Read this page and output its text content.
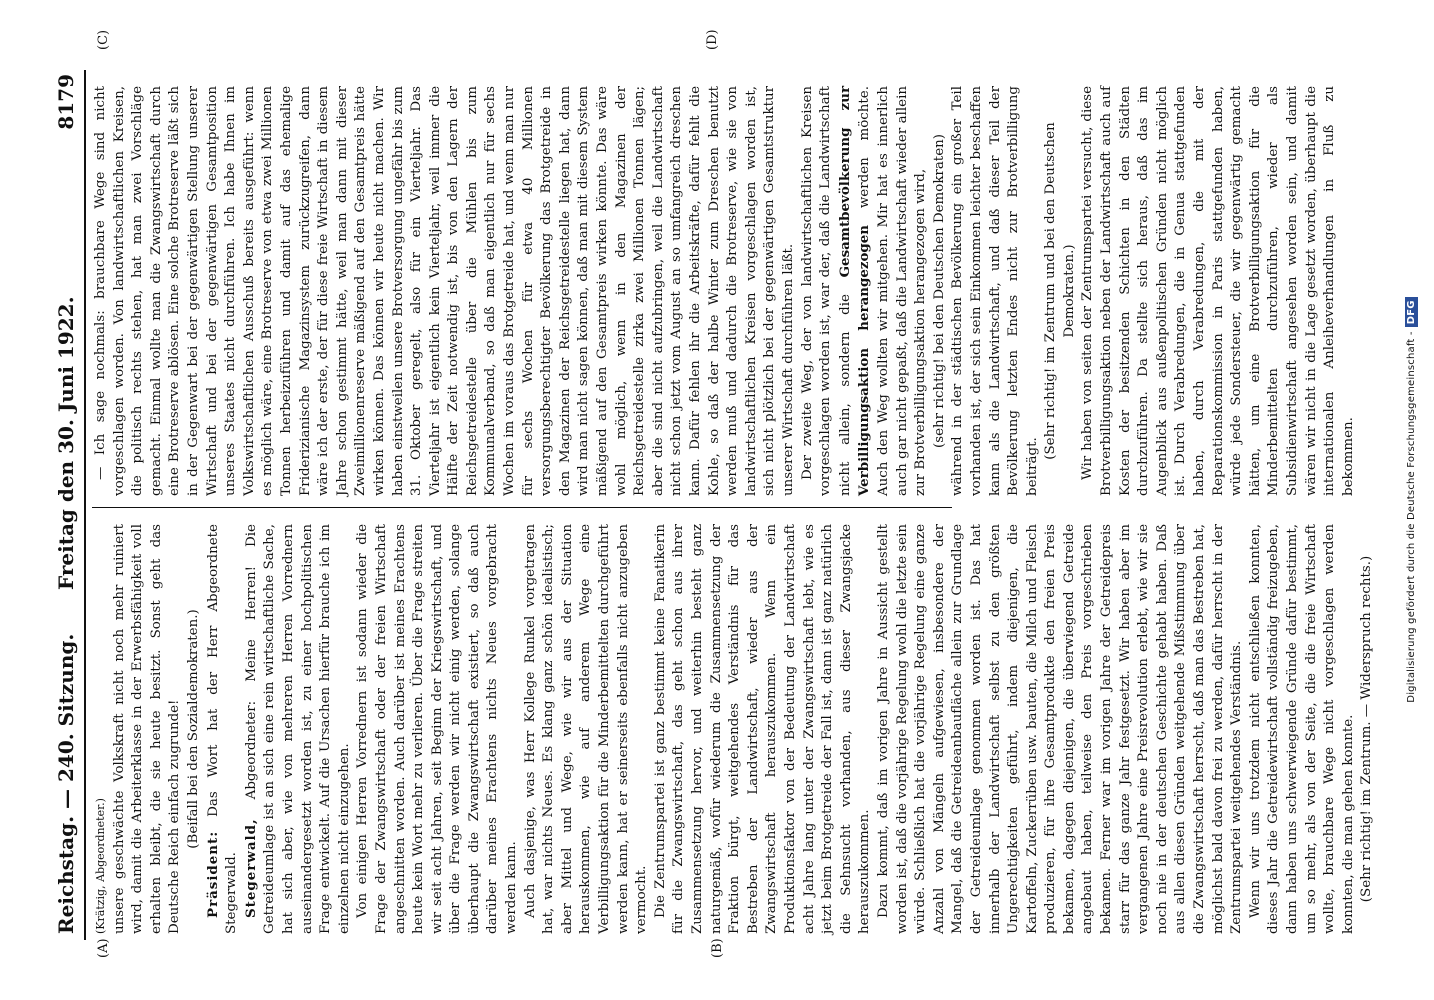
Reichstag. — 240. Sitzung.
Freitag den 30. Juni 1922.
8179
(A)	(B)
(C)	(D)

(Krätzig, Abgeordneter.) unsere geschwächte Volkskraft nicht noch mehr ruiniert wird, damit die Arbeiterklasse in der Erwerbsfähigkeit voll erhalten bleibt, die sie heute besitzt. Sonst geht das Deutsche Reich einfach zugrunde! (Beifall bei den Sozialdemokraten.)

Präsident: Das Wort hat der Herr Abgeordnete Stegerwald. Stegerwald, Abgeordneter: Meine Herren! Die Getreideumlage ist an sich eine rein wirtschaftliche Sache, hat sich aber, wie von mehreren Herren Vorrednern auseinandergesetzt worden ist, zu einer hochpolitischen Frage entwickelt. Auf die Ursachen hierfür brauche ich im einzelnen nicht einzugehen. Von einigen Herren Vorrednern ist sodann wieder die Frage der Zwangswirtschaft oder der freien Wirtschaft angeschnitten worden. Auch darüber ist meines Erachtens heute kein Wort mehr zu verlieren. Über die Frage streiten wir seit acht Jahren, seit Beginn der Kriegswirtschaft, und über die Frage werden wir nicht einig werden, solange überhaupt die Zwangswirtschaft existiert, so daß auch darüber meines Erachtens nichts Neues vorgebracht werden kann. Auch dasjenige, was Herr Kollege Runkel vorgetragen hat, war nichts Neues. Es klang ganz schön idealistisch; aber Mittel und Wege, wie wir aus der Situation herauskommen, wie auf anderem Wege eine Verbilligungsaktion für die Minderbemittelten durchgeführt werden kann, hat er seinerseits ebenfalls nicht anzugeben vermocht. Die Zentrumspartei ist ganz bestimmt keine Fanatikerin für die Zwangswirtschaft, das geht schon aus ihrer Zusammensetzung hervor, und weiterhin besteht ganz naturgemäß, wofür wiederum die Zusammensetzung der Fraktion bürgt, weitgehendes Verständnis für das Bestreben der Landwirtschaft, wieder aus der Zwangswirtschaft herauszukommen. Wenn ein Produktionsfaktor von der Bedeutung der Landwirtschaft acht Jahre lang unter der Zwangswirtschaft lebt, wie es jetzt beim Brotgetreide der Fall ist, dann ist ganz natürlich die Sehnsucht vorhanden, aus dieser Zwangsjacke herauszukommen. Dazu kommt, daß im vorigen Jahre in Aussicht gestellt worden ist, daß die vorjährige Regelung wohl die letzte sein würde. Schließlich hat die vorjährige Regelung eine ganze Anzahl von Mängeln aufgewiesen, insbesondere der Mangel, daß die Getreideanbaufläche allein zur Grundlage der Getreideumlage genommen worden ist. Das hat innerhalb der Landwirtschaft selbst zu den größten Ungerechtigkeiten geführt, indem diejenigen, die Kartoffeln, Zuckerrüben usw. bauten, die Milch und Fleisch produzieren, für ihre Gesamtprodukte den freien Preis bekamen, dagegen diejenigen, die überwiegend Getreide angebaut haben, teilweise den Preis vorgeschrieben bekamen. Ferner war im vorigen Jahre der Getreidepreis starr für das ganze Jahr festgesetzt. Wir haben aber im vergangenen Jahre eine Preisrevolution erlebt, wie wir sie noch nie in der deutschen Geschichte gehabt haben. Daß aus allen diesen Gründen weitgehende Mißstimmung über die Zwangswirtschaft herrscht, daß man das Bestreben hat, möglichst bald davon frei zu werden, dafür herrscht in der Zentrumspartei weitgehendes Verständnis. Wenn wir uns trotzdem nicht entschließen konnten, dieses Jahr die Getreidewirtschaft vollständig freizugeben, dann haben uns schwerwiegende Gründe dafür bestimmt, um so mehr, als von der Seite, die die freie Wirtschaft wollte, brauchbare Wege nicht vorgeschlagen werden konnten, die man gehen konnte. (Sehr richtig! im Zentrum. — Widerspruch rechts.)

— Ich sage nochmals: brauchbare Wege sind nicht vorgeschlagen worden. Von landwirtschaftlichen Kreisen, die politisch rechts stehen, hat man zwei Vorschläge gemacht. Einmal wollte man die Zwangswirtschaft durch eine Brotreserve ablösen. Eine solche Brotreserve läßt sich in der Gegenwart bei der gegenwärtigen Stellung unserer Wirtschaft und bei der gegenwärtigen Gesamtposition unseres Staates nicht durchführen. Ich habe Ihnen im Volkswirtschaftlichen Ausschuß bereits ausgeführt: wenn es möglich wäre, eine Brotreserve von etwa zwei Millionen Tonnen herbeizuführen und damit auf das ehemalige Friderizianische Magazinsystem zurückzugreifen, dann wäre ich der erste, der für diese freie Wirtschaft in diesem Jahre schon gestimmt hätte, weil man dann mit dieser Zweimillionenreserve mäßigend auf den Gesamtpreis hätte wirken können. Das können wir heute nicht machen. Wir haben einstweilen unsere Brotversorgung ungefähr bis zum 31. Oktober geregelt, also für ein Vierteljahr. Das Vierteljahr ist eigentlich kein Vierteljahr, weil immer die Hälfte der Zeit notwendig ist, bis von den Lagern der Reichsgetreidestelle über die Mühlen bis zum Kommunalverband, so daß man eigentlich nur für sechs Wochen im voraus das Brotgetreide hat, und wenn man nur für sechs Wochen für etwa 40 Millionen versorgungsberechtigter Bevölkerung das Brotgetreide in den Magazinen der Reichsgetreidestelle liegen hat, dann wird man nicht sagen können, daß man mit diesem System mäßigend auf den Gesamtpreis wirken könnte. Das wäre wohl möglich, wenn in den Magazinen der Reichsgetreidestelle zirka zwei Millionen Tonnen lägen; aber die sind nicht aufzubringen, weil die Landwirtschaft nicht schon jetzt vom August an so umfangreich dreschen kann. Dafür fehlen ihr die Arbeitskräfte, dafür fehlt die Kohle, so daß der halbe Winter zum Dreschen benutzt werden muß und dadurch die Brotreserve, wie sie von landwirtschaftlichen Kreisen vorgeschlagen worden ist, sich nicht plötzlich bei der gegenwärtigen Gesamtstruktur unserer Wirtschaft durchführen läßt. Der zweite Weg, der von landwirtschaftlichen Kreisen vorgeschlagen worden ist, war der, daß die Landwirtschaft nicht allein, sondern die Gesamtbevölkerung zur Verbilligungsaktion herangezogen werden möchte. Auch den Weg wollten wir mitgehen. Mir hat es innerlich auch gar nicht gepaßt, daß die Landwirtschaft wieder allein zur Brotverbilligungsaktion herangezogen wird, (sehr richtig! bei den Deutschen Demokraten) während in der städtischen Bevölkerung ein großer Teil vorhanden ist, der sich sein Einkommen leichter beschaffen kann als die Landwirtschaft, und daß dieser Teil der Bevölkerung letzten Endes nicht zur Brotverbilligung beiträgt.

(Sehr richtig! im Zentrum und bei den Deutschen Demokraten.) Wir haben von seiten der Zentrumspartei versucht, diese Brotverbilligungsaktion neben der Landwirtschaft auch auf Kosten der besitzenden Schichten in den Städten durchzuführen. Da stellte sich heraus, daß das im Augenblick aus außenpolitischen Gründen nicht möglich ist. Durch Verabredungen, die in Genua stattgefunden haben, durch Verabredungen, die mit der Reparationskommission in Paris stattgefunden haben, würde jede Sondersteuer, die wir gegenwärtig gemacht hätten, um eine Brotverbilligungsaktion für die Minderbemittelten durchzuführen, wieder als Subsidienwirtschaft angesehen worden sein, und damit wären wir nicht in die Lage gesetzt worden, überhaupt die internationalen Anleiheverhandlungen in Fluß zu bekommen.	Digitalisierung gefördert durch die Deutsche Forschungsgemeinschaft -DFG
